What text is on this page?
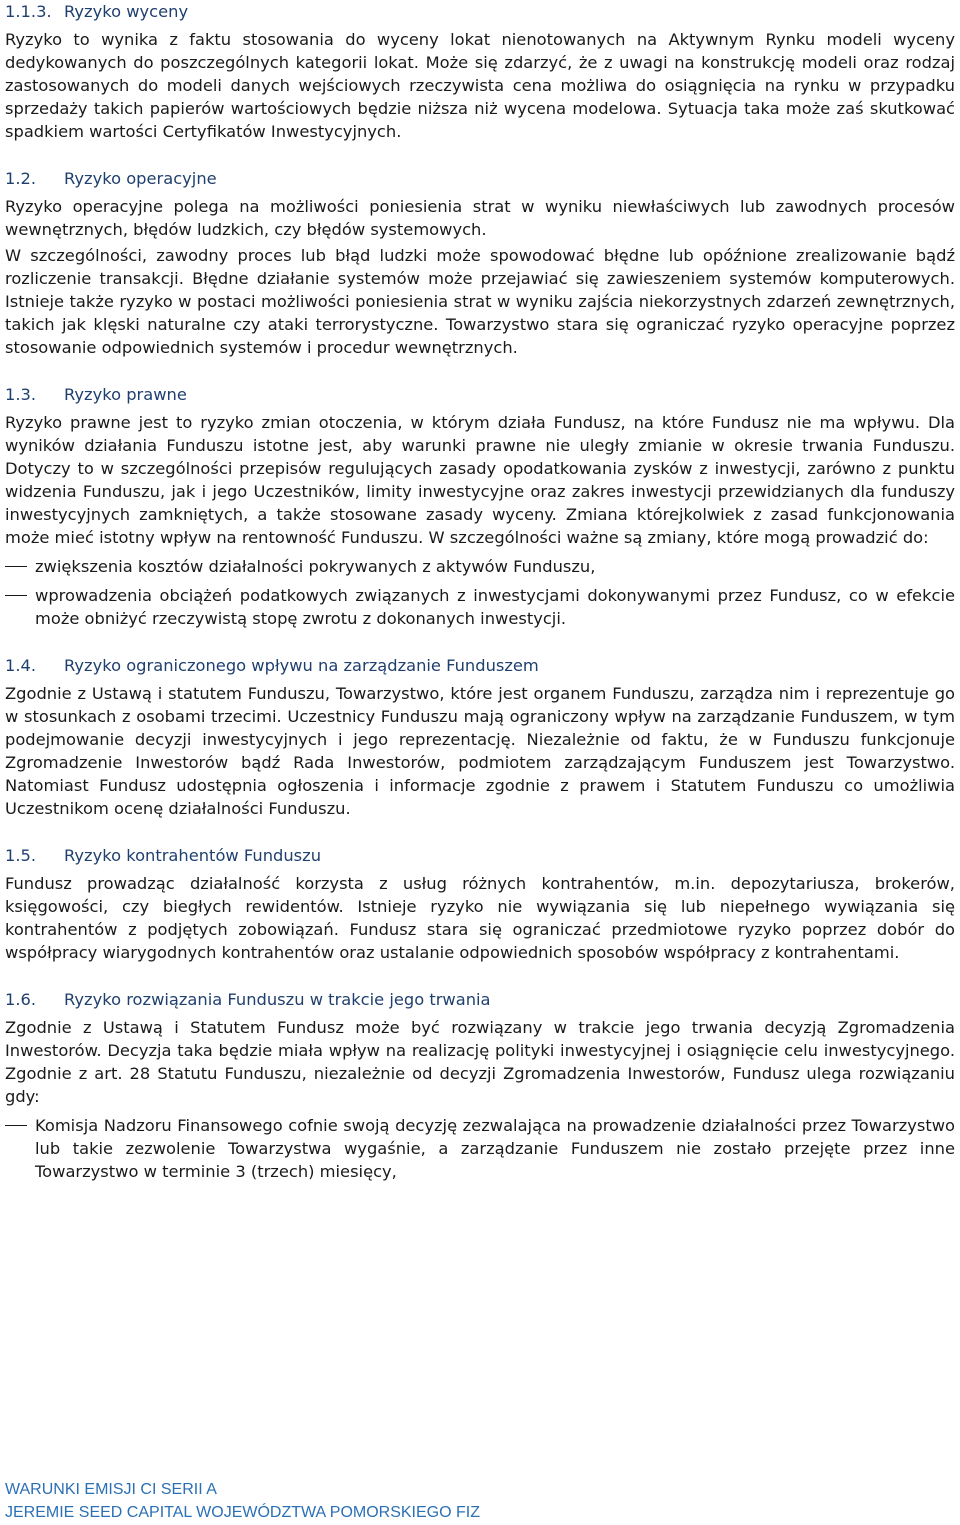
1.1.3. Ryzyko wyceny

Ryzyko to wynika z faktu stosowania do wyceny lokat nienotowanych na Aktywnym Rynku modeli wyceny dedykowanych do poszczególnych kategorii lokat. Może się zdarzyć, że z uwagi na konstrukcję modeli oraz rodzaj zastosowanych do modeli danych wejściowych rzeczywista cena możliwa do osiągnięcia na rynku w przypadku sprzedaży takich papierów wartościowych będzie niższa niż wycena modelowa. Sytuacja taka może zaś skutkować spadkiem wartości Certyfikatów Inwestycyjnych.

1.2. Ryzyko operacyjne

Ryzyko operacyjne polega na możliwości poniesienia strat w wyniku niewłaściwych lub zawodnych procesów wewnętrznych, błędów ludzkich, czy błędów systemowych.

W szczególności, zawodny proces lub błąd ludzki może spowodować błędne lub opóźnione zrealizowanie bądź rozliczenie transakcji. Błędne działanie systemów może przejawiać się zawieszeniem systemów komputerowych. Istnieje także ryzyko w postaci możliwości poniesienia strat w wyniku zajścia niekorzystnych zdarzeń zewnętrznych, takich jak klęski naturalne czy ataki terrorystyczne. Towarzystwo stara się ograniczać ryzyko operacyjne poprzez stosowanie odpowiednich systemów i procedur wewnętrznych.

1.3. Ryzyko prawne

Ryzyko prawne jest to ryzyko zmian otoczenia, w którym działa Fundusz, na które Fundusz nie ma wpływu. Dla wyników działania Funduszu istotne jest, aby warunki prawne nie uległy zmianie w okresie trwania Funduszu. Dotyczy to w szczególności przepisów regulujących zasady opodatkowania zysków z inwestycji, zarówno z punktu widzenia Funduszu, jak i jego Uczestników, limity inwestycyjne oraz zakres inwestycji przewidzianych dla funduszy inwestycyjnych zamkniętych, a także stosowane zasady wyceny. Zmiana którejkolwiek z zasad funkcjonowania może mieć istotny wpływ na rentowność Funduszu. W szczególności ważne są zmiany, które mogą prowadzić do:

zwiększenia kosztów działalności pokrywanych z aktywów Funduszu,
wprowadzenia obciążeń podatkowych związanych z inwestycjami dokonywanymi przez Fundusz, co w efekcie może obniżyć rzeczywistą stopę zwrotu z dokonanych inwestycji.
1.4. Ryzyko ograniczonego wpływu na zarządzanie Funduszem

Zgodnie z Ustawą i statutem Funduszu, Towarzystwo, które jest organem Funduszu, zarządza nim i reprezentuje go w stosunkach z osobami trzecimi. Uczestnicy Funduszu mają ograniczony wpływ na zarządzanie Funduszem, w tym podejmowanie decyzji inwestycyjnych i jego reprezentację. Niezależnie od faktu, że w Funduszu funkcjonuje Zgromadzenie Inwestorów bądź Rada Inwestorów, podmiotem zarządzającym Funduszem jest Towarzystwo. Natomiast Fundusz udostępnia ogłoszenia i informacje zgodnie z prawem i Statutem Funduszu co umożliwia Uczestnikom ocenę działalności Funduszu.

1.5. Ryzyko kontrahentów Funduszu

Fundusz prowadząc działalność korzysta z usług różnych kontrahentów, m.in. depozytariusza, brokerów, księgowości, czy biegłych rewidentów. Istnieje ryzyko nie wywiązania się lub niepełnego wywiązania się kontrahentów z podjętych zobowiązań. Fundusz stara się ograniczać przedmiotowe ryzyko poprzez dobór do współpracy wiarygodnych kontrahentów oraz ustalanie odpowiednich sposobów współpracy z kontrahentami.

1.6. Ryzyko rozwiązania Funduszu w trakcie jego trwania

Zgodnie z Ustawą i Statutem Fundusz może być rozwiązany w trakcie jego trwania decyzją Zgromadzenia Inwestorów. Decyzja taka będzie miała wpływ na realizację polityki inwestycyjnej i osiągnięcie celu inwestycyjnego. Zgodnie z art. 28 Statutu Funduszu, niezależnie od decyzji Zgromadzenia Inwestorów, Fundusz ulega rozwiązaniu gdy:

Komisja Nadzoru Finansowego cofnie swoją decyzję zezwalająca na prowadzenie działalności przez Towarzystwo lub takie zezwolenie Towarzystwa wygaśnie, a zarządzanie Funduszem nie zostało przejęte przez inne Towarzystwo w terminie 3 (trzech) miesięcy,
WARUNKI EMISJI CI SERII A
JEREMIE SEED CAPITAL WOJEWÓDZTWA POMORSKIEGO FIZ
